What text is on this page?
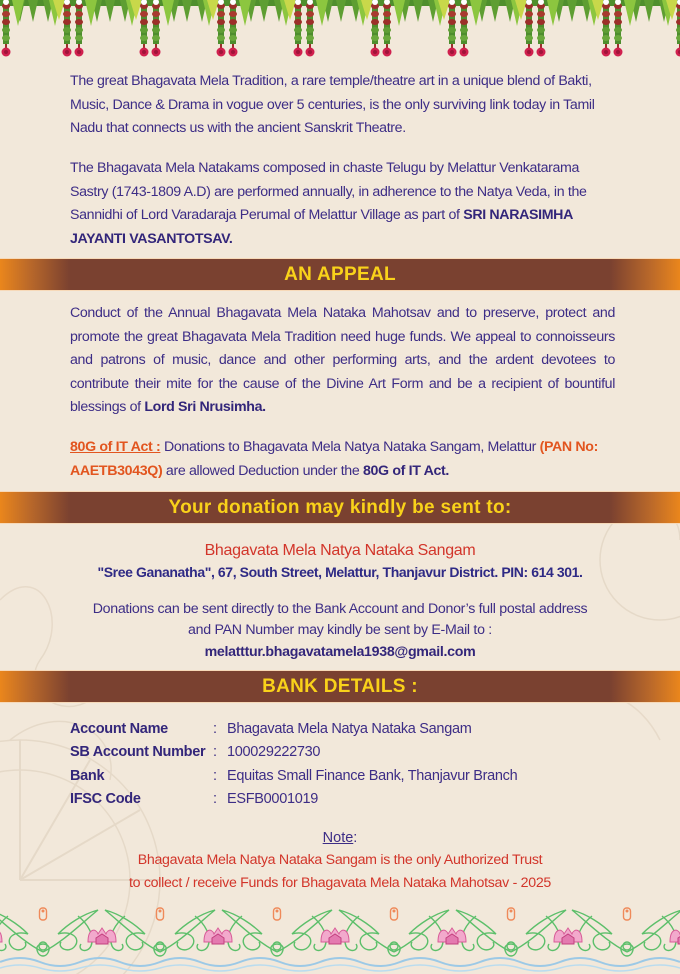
The great Bhagavata Mela Tradition, a rare temple/theatre art in a unique blend of Bakti, Music, Dance & Drama in vogue over 5 centuries, is the only surviving link today in Tamil Nadu that connects us with the ancient Sanskrit Theatre.

The Bhagavata Mela Natakams composed in chaste Telugu by Melattur Venkatarama Sastry (1743-1809 A.D) are performed annually, in adherence to the Natya Veda, in the Sannidhi of Lord Varadaraja Perumal of Melattur Village as part of SRI NARASIMHA JAYANTI VASANTOTSAV.

AN APPEAL

Conduct of the Annual Bhagavata Mela Nataka Mahotsav and to preserve, protect and promote the great Bhagavata Mela Tradition need huge funds. We appeal to connoisseurs and patrons of music, dance and other performing arts, and the ardent devotees to contribute their mite for the cause of the Divine Art Form and be a recipient of bountiful blessings of Lord Sri Nrusimha.

80G of IT Act : Donations to Bhagavata Mela Natya Nataka Sangam, Melattur (PAN No: AAETB3043Q) are allowed Deduction under the 80G of IT Act.

Your donation may kindly be sent to:
Bhagavata Mela Natya Nataka Sangam
"Sree Gananatha", 67, South Street, Melattur, Thanjavur District. PIN: 614 301.
Donations can be sent directly to the Bank Account and Donor’s full postal address
and PAN Number may kindly be sent by E-Mail to :
melatttur.bhagavatamela1938@gmail.com
BANK DETAILS :
Account Name	: Bhagavata Mela Natya Nataka Sangam
SB Account Number : 100029222730
Bank	: Equitas Small Finance Bank, Thanjavur Branch
IFSC Code	: ESFB0001019
Note:
Bhagavata Mela Natya Nataka Sangam is the only Authorized Trust
to collect / receive Funds for Bhagavata Mela Nataka Mahotsav - 2025
